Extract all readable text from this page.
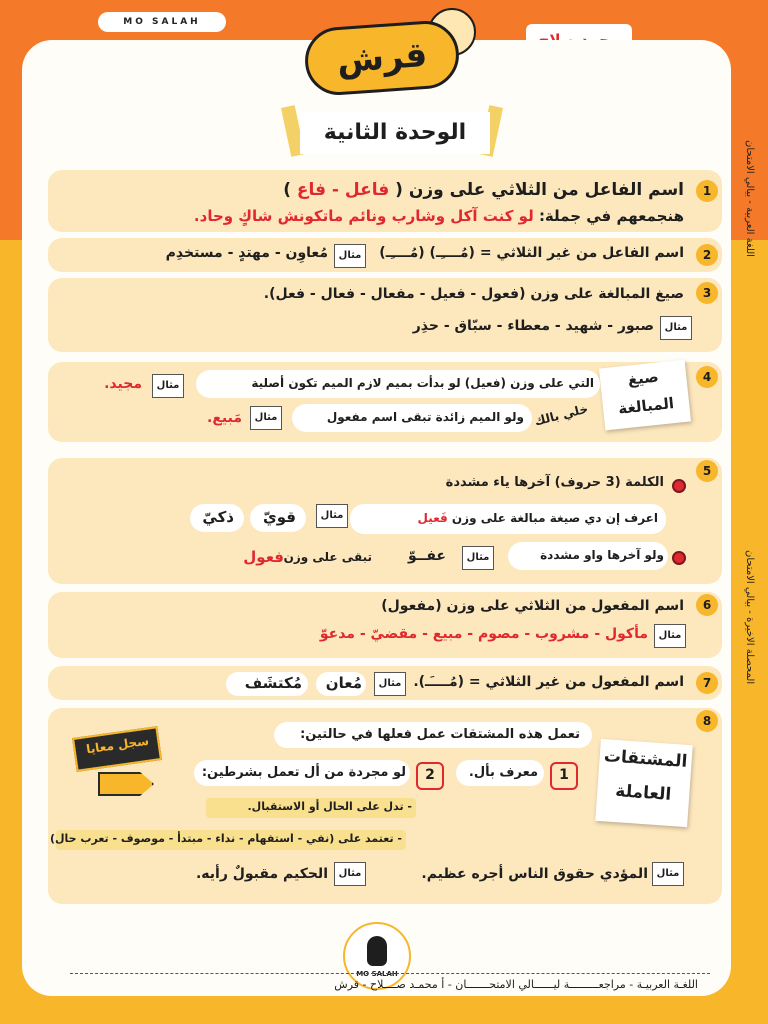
MO SALAH
قرش
اللغة العربية - بيالي الامتحان
المحصلة الاخيرة - بيالي الامتحان
الوحدة الثانية
1
اسم الفاعل من الثلاثي على وزن ( فاعل - فاع )
هنجمعهم في جملة: لو كنت آكل وشارب ونائم ماتكونش شاكٍ وحاد.
2
اسم الفاعل من غير الثلاثي = (مُــــِـ) (مُــــِـ)
مثال
مُعاوِن - مهتدٍ - مستخدِم
3
صيغ المبالغة على وزن (فعول - فعيل - مفعال - فعال - فعل).
مثال
صبور - شهيد - معطاء - سبّاق - حذِر
4
صيغ المبالغة
خلي بالك
التي على وزن (فعيل) لو بدأت بميم لازم الميم تكون أصلية
مثال
مجيد.
ولو الميم زائدة تبقى اسم مفعول
مثال
مَبيع.
5
الكلمة (3 حروف) آخرها ياء مشددة
اعرف إن دي صيغة مبالغة على وزن فَعيل
مثال
قويّ
ذكيّ
ولو آخرها واو مشددة
مثال
عفــوّ
تبقى على وزن
فعول
6
اسم المفعول من الثلاثي على وزن (مفعول)
مثال
مأكول - مشروب - مصوم - مبيع - مقضيّ - مدعوّ
7
اسم المفعول من غير الثلاثي = (مُــــَـ).
مثال
مُعان
مُكتشَف
8
المشتقات العاملة
سجل معايا	تعمل هذه المشتقات عمل فعلها في حالتين:
1
معرف بأل.
2
لو مجردة من أل تعمل بشرطين:
- تدل على الحال أو الاستقبال.
- تعتمد على (نفي - استفهام - نداء - مبتدأ - موصوف - تعرب حال)
مثال
المؤدي حقوق الناس أجره عظيم.
مثال
الحكيم مقبولٌ رأيه.
MO SALAH
اللغـة العربيـة - مراجعـــــــــة ليــــــالي الامتحـــــــان - أ محمـد صــــلاح - قرش
